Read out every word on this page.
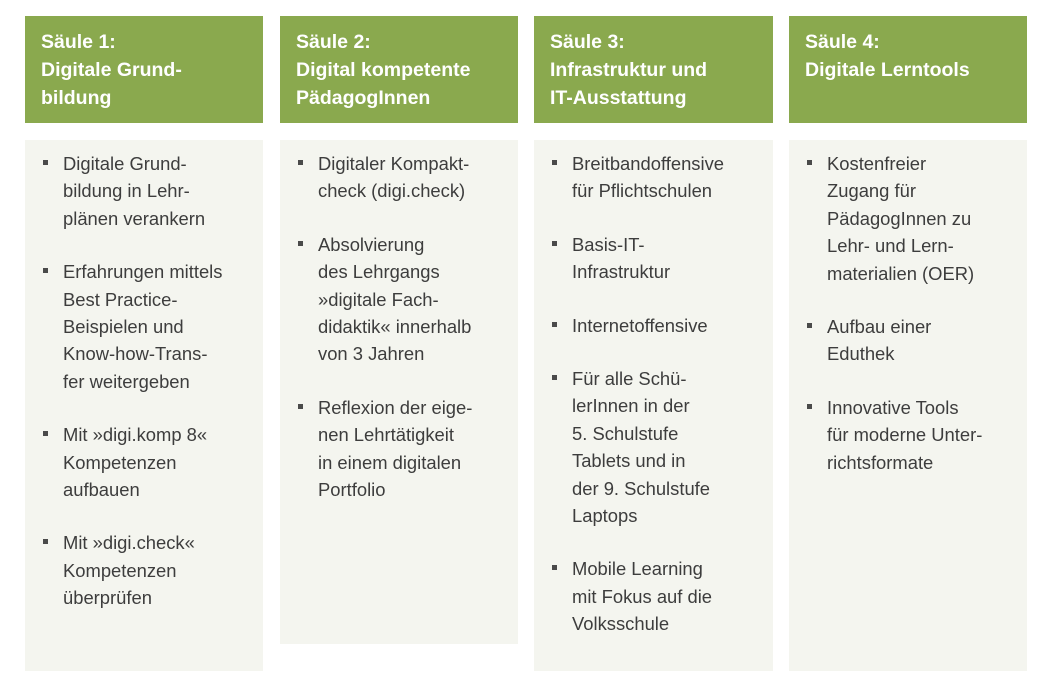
Säule 1:
Digitale Grund-
bildung
Digitale Grund-
bildung in Lehr-
plänen verankern
Erfahrungen mittels
Best Practice-
Beispielen und
Know-how-Trans-
fer weitergeben
Mit »digi.komp 8«
Kompetenzen
aufbauen
Mit »digi.check«
Kompetenzen
überprüfen
Säule 2:
Digital kompetente
PädagogInnen
Digitaler Kompakt-
check (digi.check)
Absolvierung
des Lehrgangs
»digitale Fach-
didaktik« innerhalb
von 3 Jahren
Reflexion der eige-
nen Lehrtätigkeit
in einem digitalen
Portfolio
Säule 3:
Infrastruktur und
IT-Ausstattung
Breitbandoffensive
für Pflichtschulen
Basis-IT-
Infrastruktur
Internetoffensive
Für alle Schü-
lerInnen in der
5. Schulstufe
Tablets und in
der 9. Schulstufe
Laptops
Mobile Learning
mit Fokus auf die
Volksschule
Säule 4:
Digitale Lerntools
Kostenfreier
Zugang für
PädagogInnen zu
Lehr- und Lern-
materialien (OER)
Aufbau einer
Eduthek
Innovative Tools
für moderne Unter-
richtsformate
